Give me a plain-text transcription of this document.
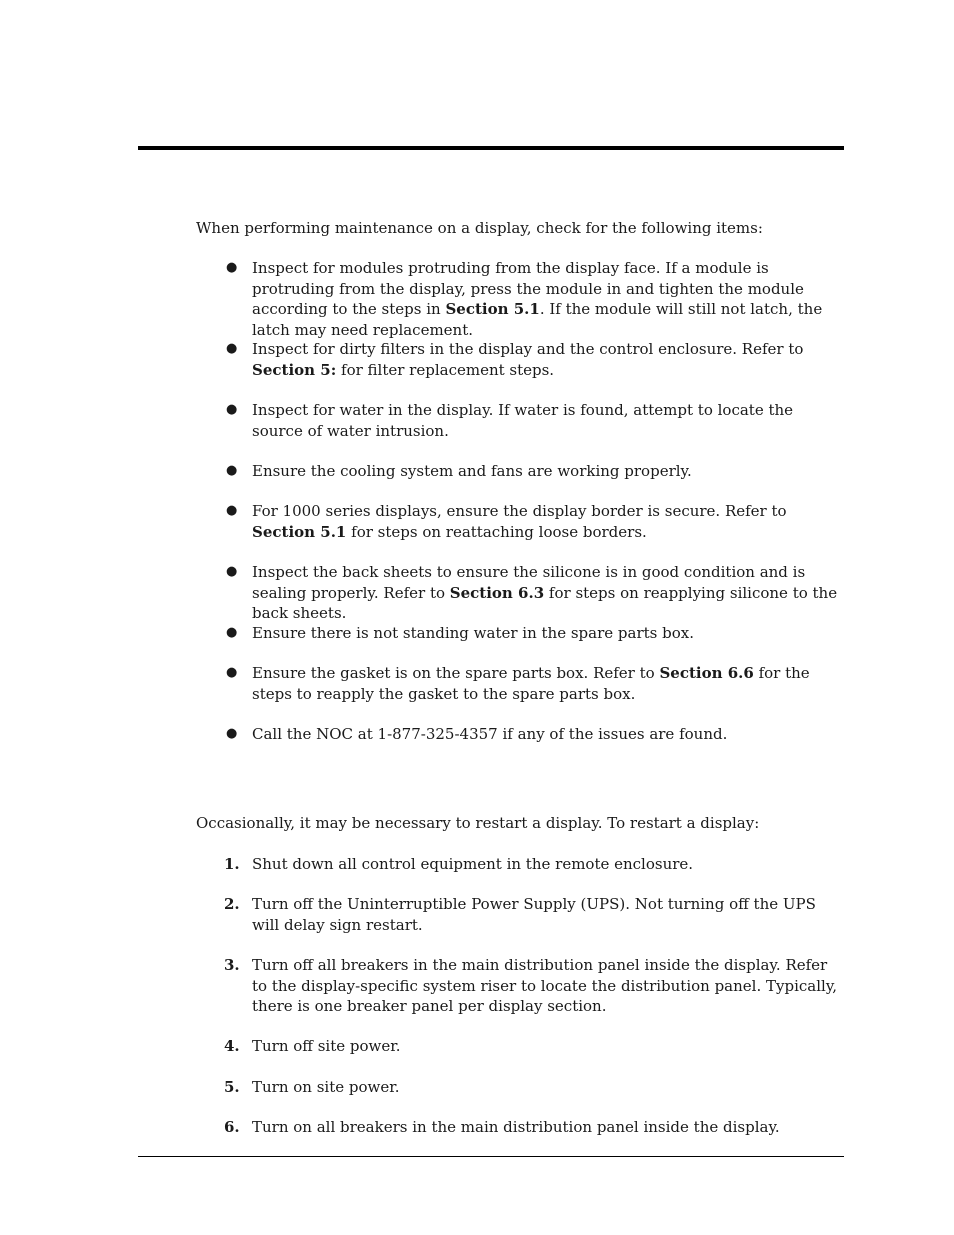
When performing maintenance on a display, check for the following items:

● Inspect for modules protruding from the display face. If a module is protruding from the display, press the module in and tighten the module according to the steps in Section 5.1. If the module will still not latch, the latch may need replacement.
● Inspect for dirty filters in the display and the control enclosure. Refer to Section 5: for filter replacement steps.
● Inspect for water in the display. If water is found, attempt to locate the source of water intrusion.
● Ensure the cooling system and fans are working properly.
● For 1000 series displays, ensure the display border is secure. Refer to Section 5.1 for steps on reattaching loose borders.
● Inspect the back sheets to ensure the silicone is in good condition and is sealing properly. Refer to Section 6.3 for steps on reapplying silicone to the back sheets.
● Ensure there is not standing water in the spare parts box.
● Ensure the gasket is on the spare parts box. Refer to Section 6.6 for the steps to reapply the gasket to the spare parts box.
● Call the NOC at 1-877-325-4357 if any of the issues are found.

Occasionally, it may be necessary to restart a display. To restart a display:

1. Shut down all control equipment in the remote enclosure.
2. Turn off the Uninterruptible Power Supply (UPS). Not turning off the UPS will delay sign restart.
3. Turn off all breakers in the main distribution panel inside the display. Refer to the display-specific system riser to locate the distribution panel. Typically, there is one breaker panel per display section.
4. Turn off site power.
5. Turn on site power.
6. Turn on all breakers in the main distribution panel inside the display.
